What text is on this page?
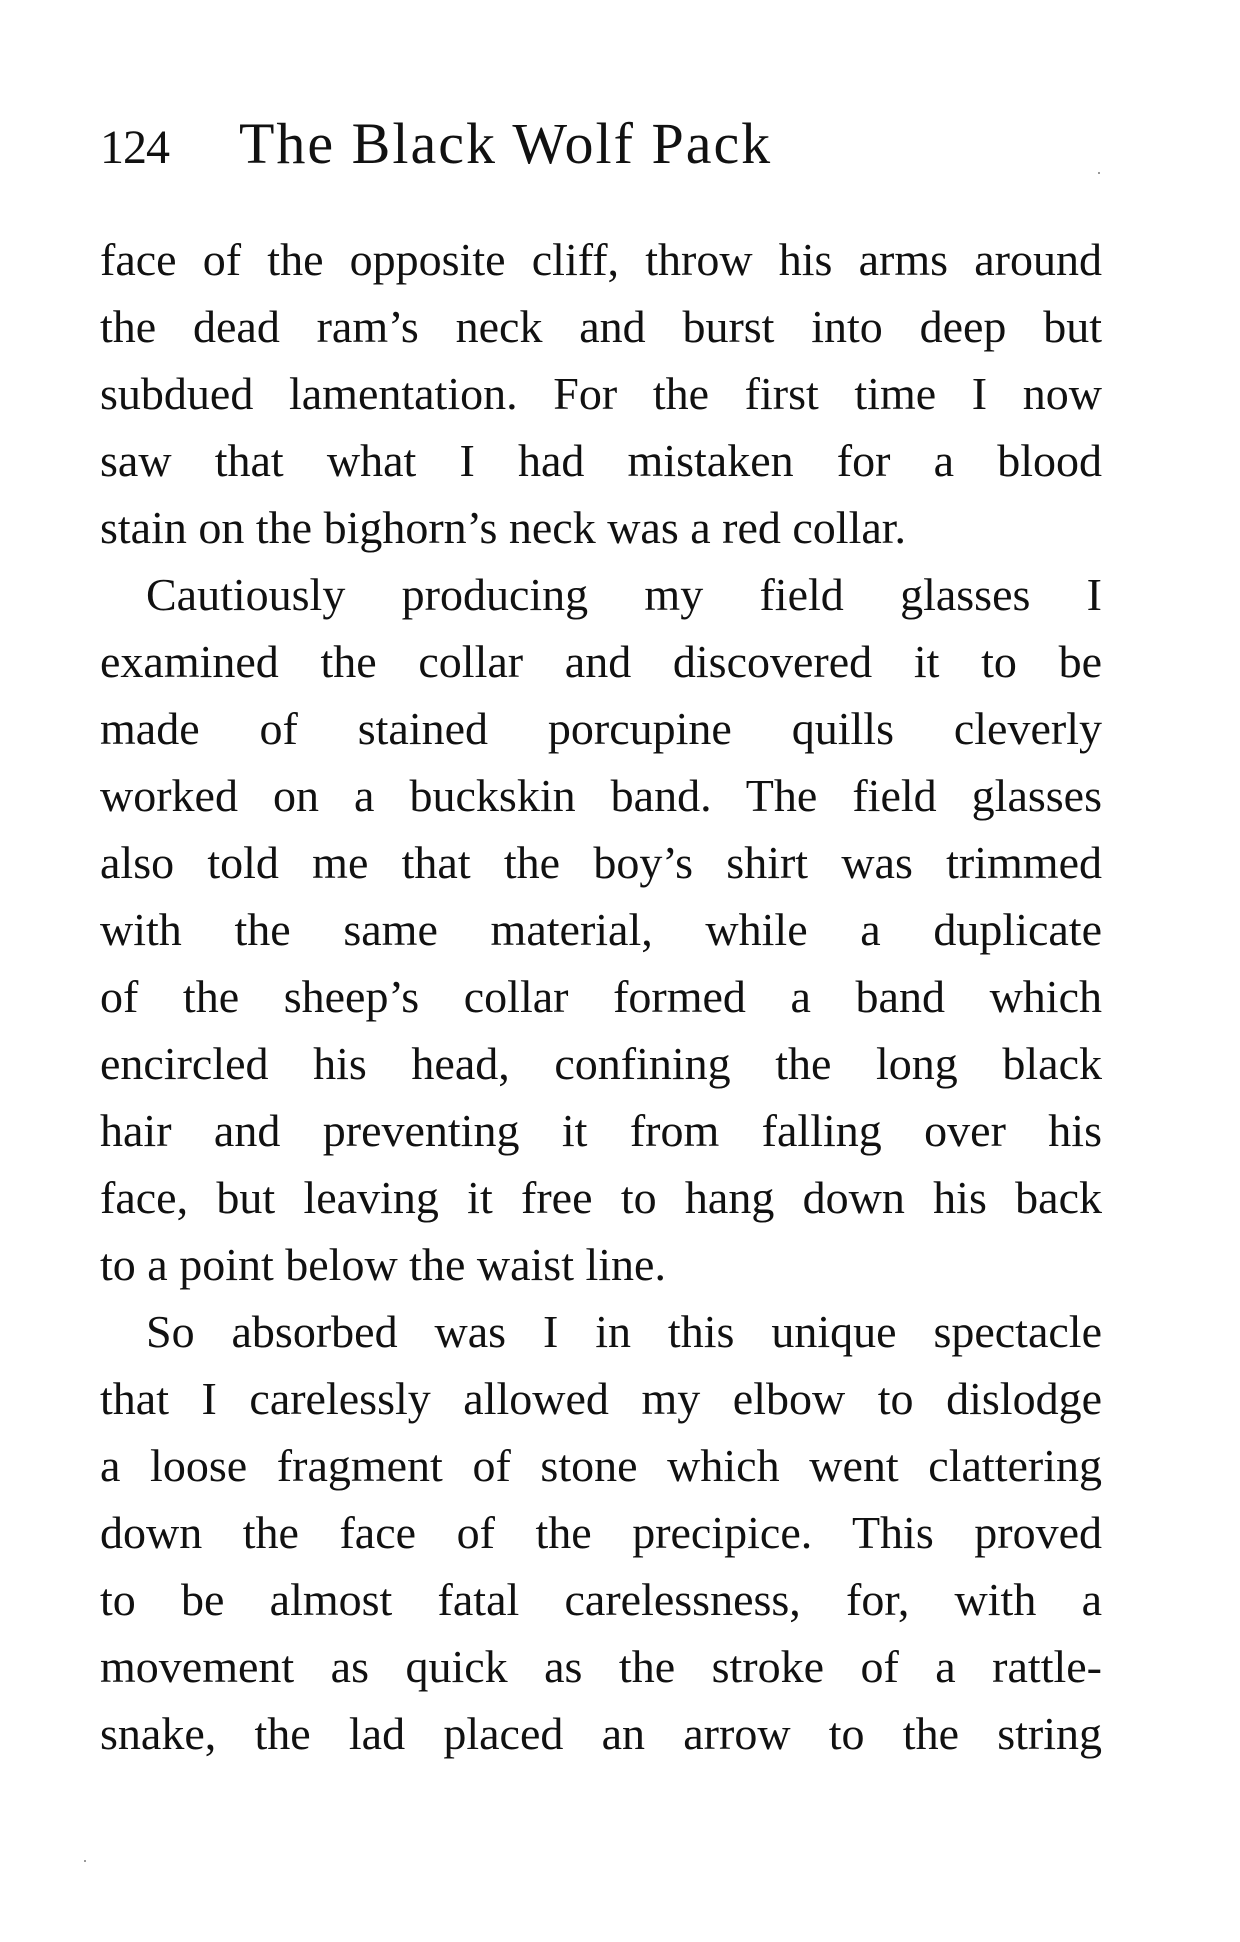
124 The Black Wolf Pack
face of the opposite cliff, throw his arms around
the dead ram’s neck and burst into deep but
subdued lamentation. For the first time I now
saw that what I had mistaken for a blood
stain on the bighorn’s neck was a red collar.
Cautiously producing my field glasses I
examined the collar and discovered it to be
made of stained porcupine quills cleverly
worked on a buckskin band. The field glasses
also told me that the boy’s shirt was trimmed
with the same material, while a duplicate
of the sheep’s collar formed a band which
encircled his head, confining the long black
hair and preventing it from falling over his
face, but leaving it free to hang down his back
to a point below the waist line.
So absorbed was I in this unique spectacle
that I carelessly allowed my elbow to dislodge
a loose fragment of stone which went clattering
down the face of the precipice. This proved
to be almost fatal carelessness, for, with a
movement as quick as the stroke of a rattle-
snake, the lad placed an arrow to the string
